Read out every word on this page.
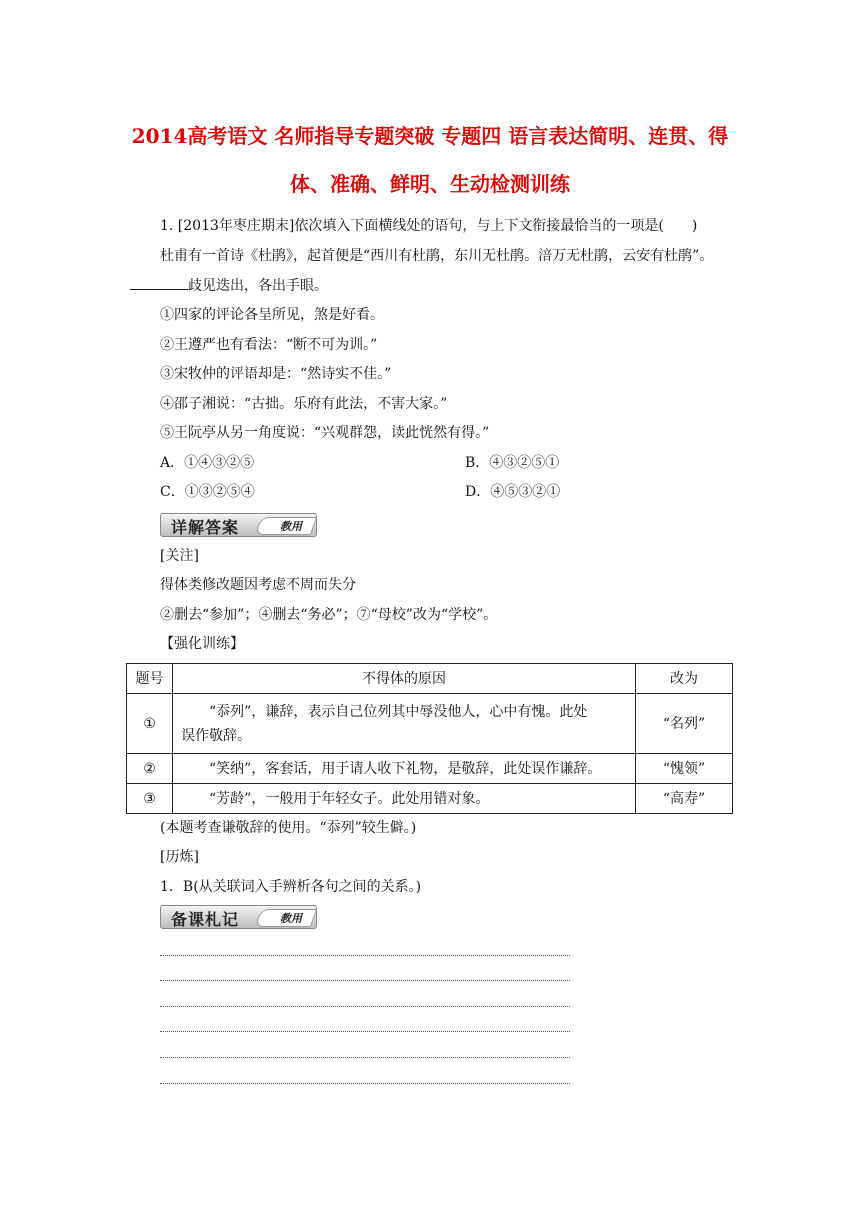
2014高考语文 名师指导专题突破 专题四 语言表达简明、连贯、得
体、准确、鲜明、生动检测训练
1. [2013年枣庄期末]依次填入下面横线处的语句，与上下文衔接最恰当的一项是(　　)
杜甫有一首诗《杜鹃》，起首便是“西川有杜鹃，东川无杜鹃。涪万无杜鹃，云安有杜鹃”。
歧见迭出，各出手眼。
①四家的评论各呈所见，煞是好看。
②王遵严也有看法：“断不可为训。”
③宋牧仲的评语却是：“然诗实不佳。”
④邵子湘说：“古拙。乐府有此法，不害大家。”
⑤王阮亭从另一角度说：“兴观群怨，读此恍然有得。”
A．①④③②⑤	B．④③②⑤①
C．①③②⑤④	D．④⑤③②①
详解答案	教用
[关注]
得体类修改题因考虑不周而失分
②删去“参加”；④删去“务必”；⑦“母校”改为“学校”。
【强化训练】
题号	不得体的原因	改为
①	“忝列”，谦辞，表示自己位列其中辱没他人，心中有愧。此处
误作敬辞。	“名列”
②	“笑纳”，客套话，用于请人收下礼物，是敬辞，此处误作谦辞。	“愧领”
③	“芳龄”，一般用于年轻女子。此处用错对象。	“高寿”
(本题考查谦敬辞的使用。“忝列”较生僻。)
[历炼]
1．B(从关联词入手辨析各句之间的关系。)
备课札记	教用
